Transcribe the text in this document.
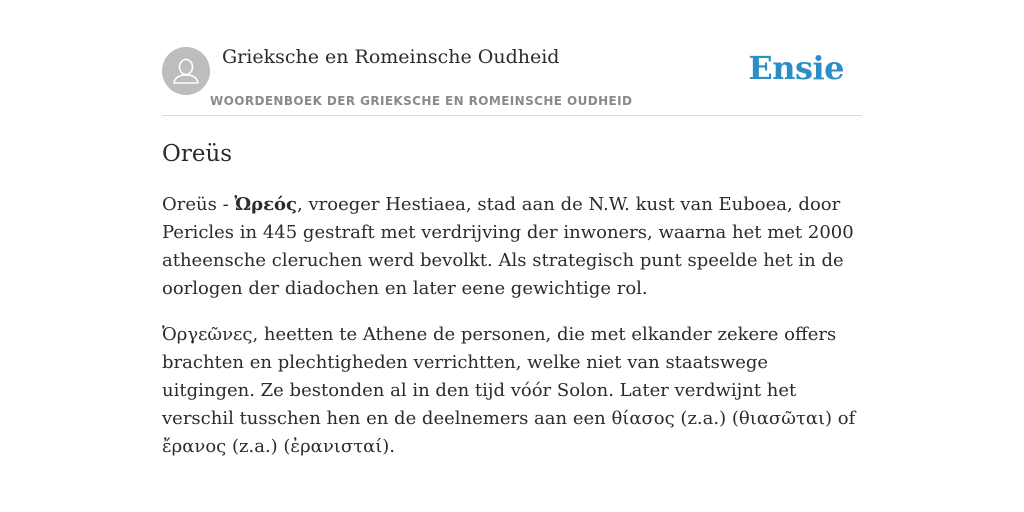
Grieksche en Romeinsche Oudheid
WOORDENBOEK DER GRIEKSCHE EN ROMEINSCHE OUDHEID
Ensie
Oreüs

Oreüs - Ὠρεός, vroeger Hestiaea, stad aan de N.W. kust van Euboea, door Pericles in 445 gestraft met verdrijving der inwoners, waarna het met 2000 atheensche cleruchen werd bevolkt. Als strategisch punt speelde het in de oorlogen der diadochen en later eene gewichtige rol.

Ὀργεῶνες, heetten te Athene de personen, die met elkander zekere offers brachten en plechtigheden verrichtten, welke niet van staatswege uitgingen. Ze bestonden al in den tijd vóór Solon. Later verdwijnt het verschil tusschen hen en de deelnemers aan een θίασος (z.a.) (θιασῶται) of ἔρανος (z.a.) (ἐρανισταί).
